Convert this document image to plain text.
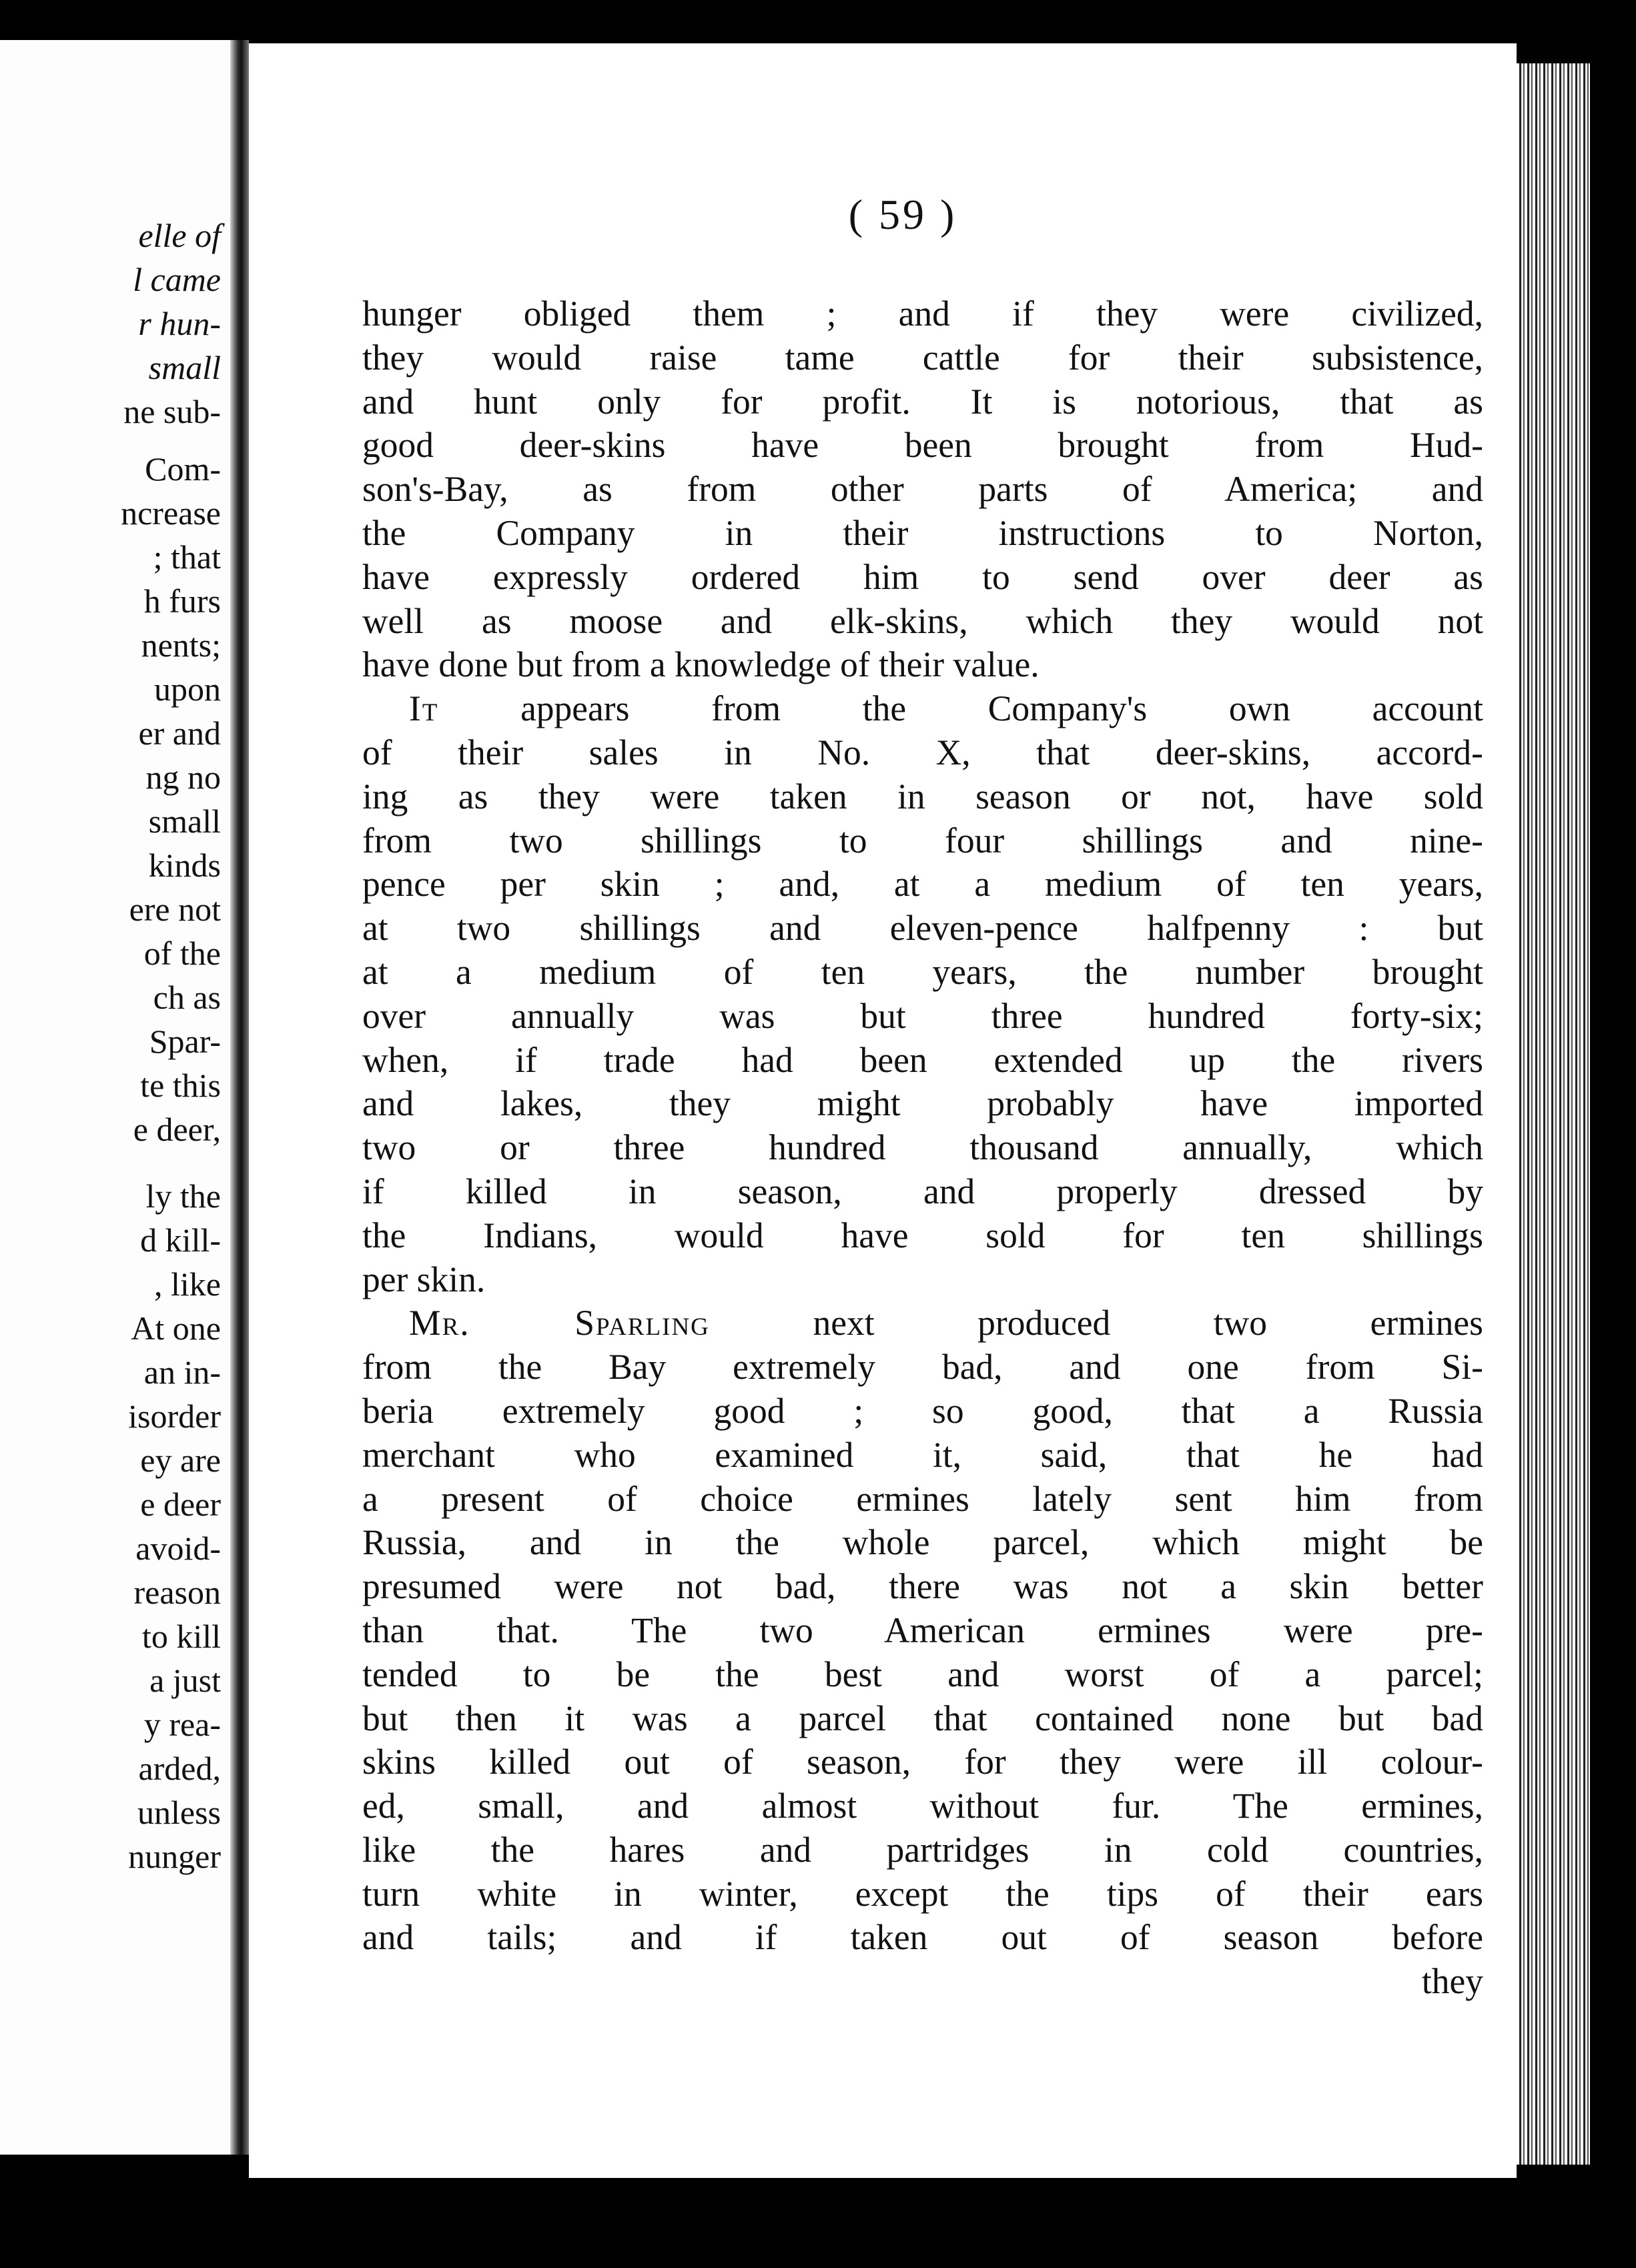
elle of
l came
r hun-
small
ne sub-
Com-
ncrease
; that
h furs
nents;
upon
er and
ng no
small
kinds
ere not
of the
ch as
Spar-
te this
e deer,
ly the
d kill-
, like
At one
an in-
isorder
ey are
e deer
avoid-
reason
to kill
a just
y rea-
arded,
unless
nunger
( 59 )
hunger obliged them ; and if they were civilized,
they would raise tame cattle for their subsistence,
and hunt only for profit. It is notorious, that as
good deer-skins have been brought from Hud-
son's-Bay, as from other parts of America; and
the Company in their instructions to Norton,
have expressly ordered him to send over deer as
well as moose and elk-skins, which they would not
have done but from a knowledge of their value.
It appears from the Company's own account
of their sales in No. X, that deer-skins, accord-
ing as they were taken in season or not, have sold
from two shillings to four shillings and nine-
pence per skin ; and, at a medium of ten years,
at two shillings and eleven-pence halfpenny : but
at a medium of ten years, the number brought
over annually was but three hundred forty-six;
when, if trade had been extended up the rivers
and lakes, they might probably have imported
two or three hundred thousand annually, which
if killed in season, and properly dressed by
the Indians, would have sold for ten shillings
per skin.
Mr. Sparling next produced two ermines
from the Bay extremely bad, and one from Si-
beria extremely good ; so good, that a Russia
merchant who examined it, said, that he had
a present of choice ermines lately sent him from
Russia, and in the whole parcel, which might be
presumed were not bad, there was not a skin better
than that. The two American ermines were pre-
tended to be the best and worst of a parcel;
but then it was a parcel that contained none but bad
skins killed out of season, for they were ill colour-
ed, small, and almost without fur. The ermines,
like the hares and partridges in cold countries,
turn white in winter, except the tips of their ears
and tails; and if taken out of season before
they
